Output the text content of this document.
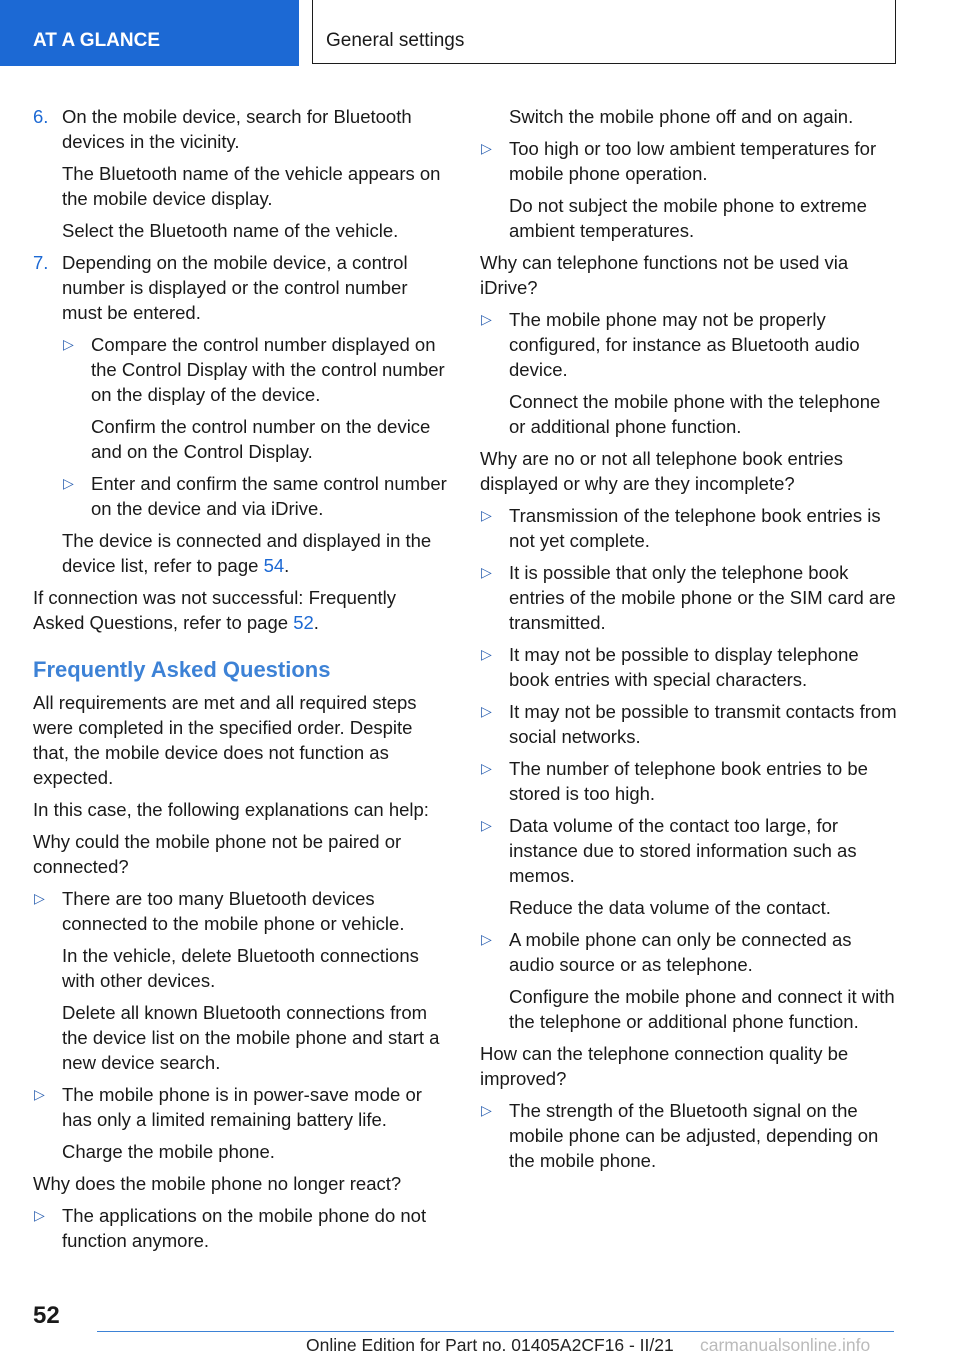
AT A GLANCE	General settings

6. On the mobile device, search for Bluetooth devices in the vicinity.

The Bluetooth name of the vehicle appears on the mobile device display.

Select the Bluetooth name of the vehicle.

7. Depending on the mobile device, a control number is displayed or the control number must be entered.

▷ Compare the control number displayed on the Control Display with the control number on the display of the device.

Confirm the control number on the device and on the Control Display.

▷ Enter and confirm the same control number on the device and via iDrive.

The device is connected and displayed in the device list, refer to page 54.

If connection was not successful: Frequently Asked Questions, refer to page 52.

Frequently Asked Questions

All requirements are met and all required steps were completed in the specified order. Despite that, the mobile device does not function as expected.

In this case, the following explanations can help:

Why could the mobile phone not be paired or connected?

▷ There are too many Bluetooth devices connected to the mobile phone or vehicle.

In the vehicle, delete Bluetooth connections with other devices.

Delete all known Bluetooth connections from the device list on the mobile phone and start a new device search.

▷ The mobile phone is in power-save mode or has only a limited remaining battery life.

Charge the mobile phone.

Why does the mobile phone no longer react?

▷ The applications on the mobile phone do not function anymore.

Switch the mobile phone off and on again.

▷ Too high or too low ambient temperatures for mobile phone operation.

Do not subject the mobile phone to extreme ambient temperatures.

Why can telephone functions not be used via iDrive?

▷ The mobile phone may not be properly configured, for instance as Bluetooth audio device.

Connect the mobile phone with the telephone or additional phone function.

Why are no or not all telephone book entries displayed or why are they incomplete?

▷ Transmission of the telephone book entries is not yet complete.

▷ It is possible that only the telephone book entries of the mobile phone or the SIM card are transmitted.

▷ It may not be possible to display telephone book entries with special characters.

▷ It may not be possible to transmit contacts from social networks.

▷ The number of telephone book entries to be stored is too high.

▷ Data volume of the contact too large, for instance due to stored information such as memos.

Reduce the data volume of the contact.

▷ A mobile phone can only be connected as audio source or as telephone.

Configure the mobile phone and connect it with the telephone or additional phone function.

How can the telephone connection quality be improved?

▷ The strength of the Bluetooth signal on the mobile phone can be adjusted, depending on the mobile phone.

52
Online Edition for Part no. 01405A2CF16 - II/21 carmanualsonline.info
